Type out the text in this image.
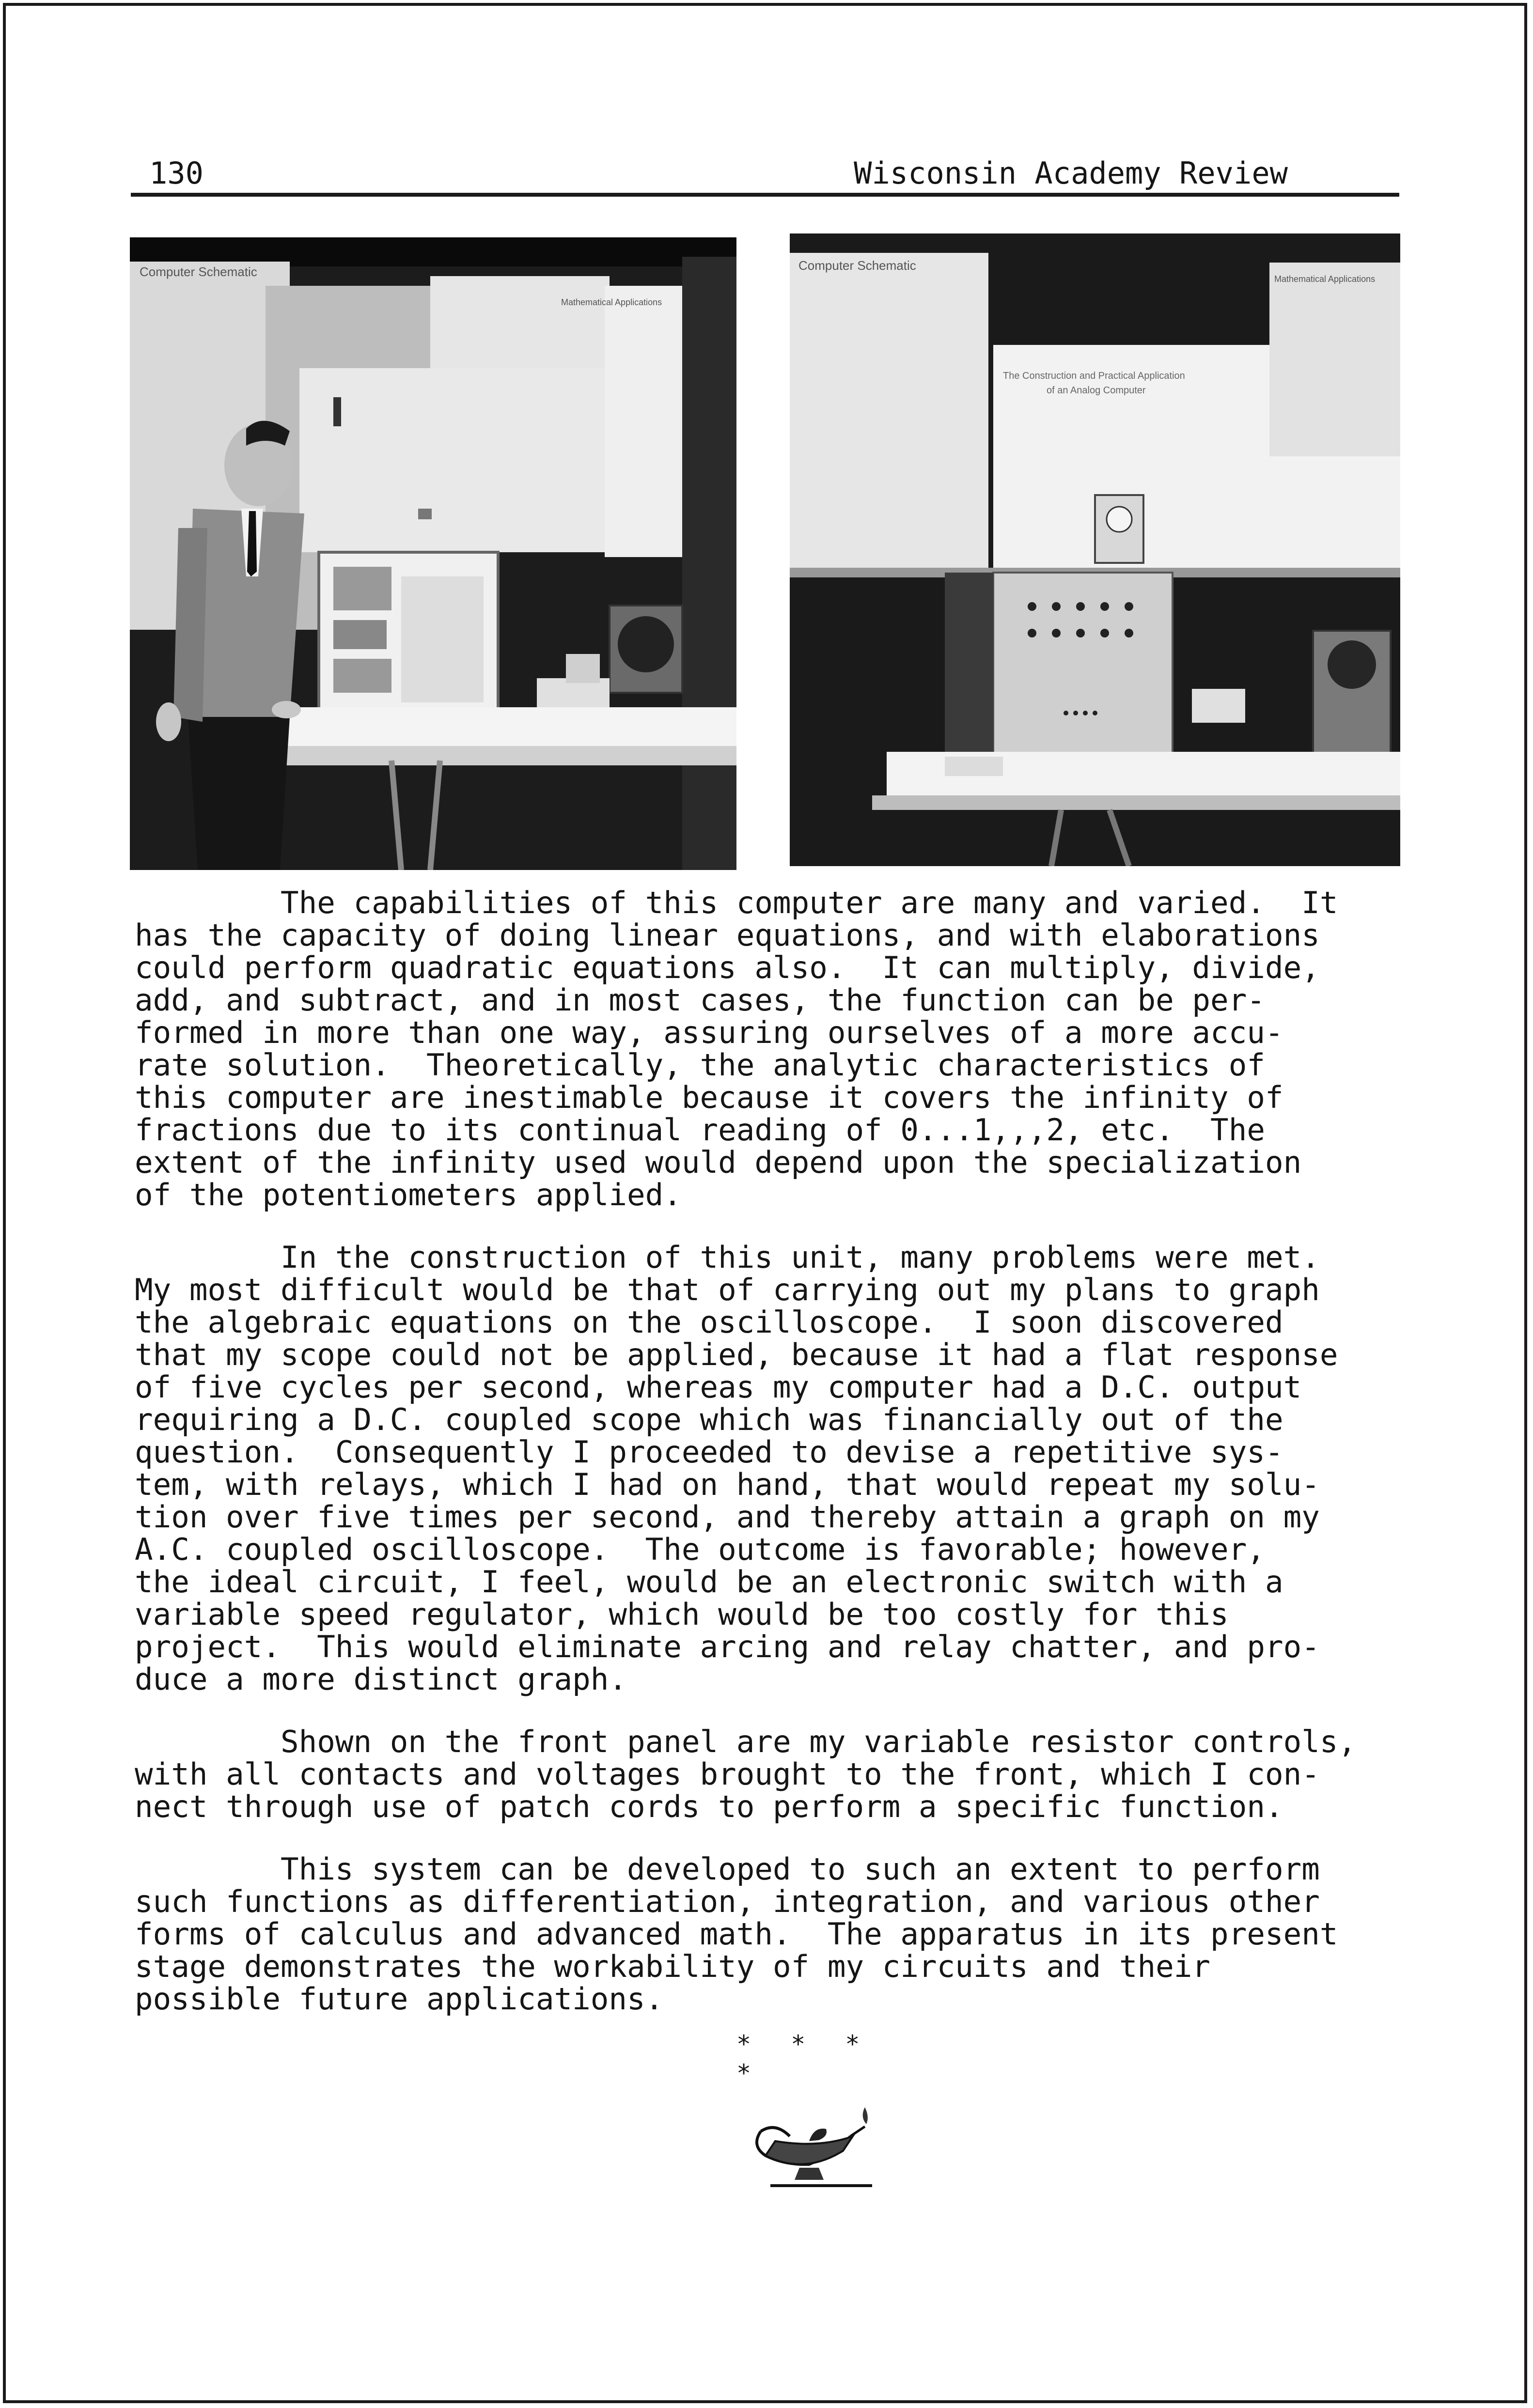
130	Wisconsin Academy Review
Computer Schematic
Mathematical Applications
Computer Schematic
Mathematical Applications
The Construction and Practical Application
of an Analog Computer

The capabilities of this computer are many and varied.  It
has the capacity of doing linear equations, and with elaborations
could perform quadratic equations also.  It can multiply, divide,
add, and subtract, and in most cases, the function can be per-
formed in more than one way, assuring ourselves of a more accu-
rate solution.  Theoretically, the analytic characteristics of
this computer are inestimable because it covers the infinity of
fractions due to its continual reading of 0...1,,,2, etc.  The
extent of the infinity used would depend upon the specialization
of the potentiometers applied.

In the construction of this unit, many problems were met.
My most difficult would be that of carrying out my plans to graph
the algebraic equations on the oscilloscope.  I soon discovered
that my scope could not be applied, because it had a flat response
of five cycles per second, whereas my computer had a D.C. output
requiring a D.C. coupled scope which was financially out of the
question.  Consequently I proceeded to devise a repetitive sys-
tem, with relays, which I had on hand, that would repeat my solu-
tion over five times per second, and thereby attain a graph on my
A.C. coupled oscilloscope.  The outcome is favorable; however,
the ideal circuit, I feel, would be an electronic switch with a
variable speed regulator, which would be too costly for this
project.  This would eliminate arcing and relay chatter, and pro-
duce a more distinct graph.

Shown on the front panel are my variable resistor controls,
with all contacts and voltages brought to the front, which I con-
nect through use of patch cords to perform a specific function.

This system can be developed to such an extent to perform
such functions as differentiation, integration, and various other
forms of calculus and advanced math.  The apparatus in its present
stage demonstrates the workability of my circuits and their
possible future applications.

* * * *
